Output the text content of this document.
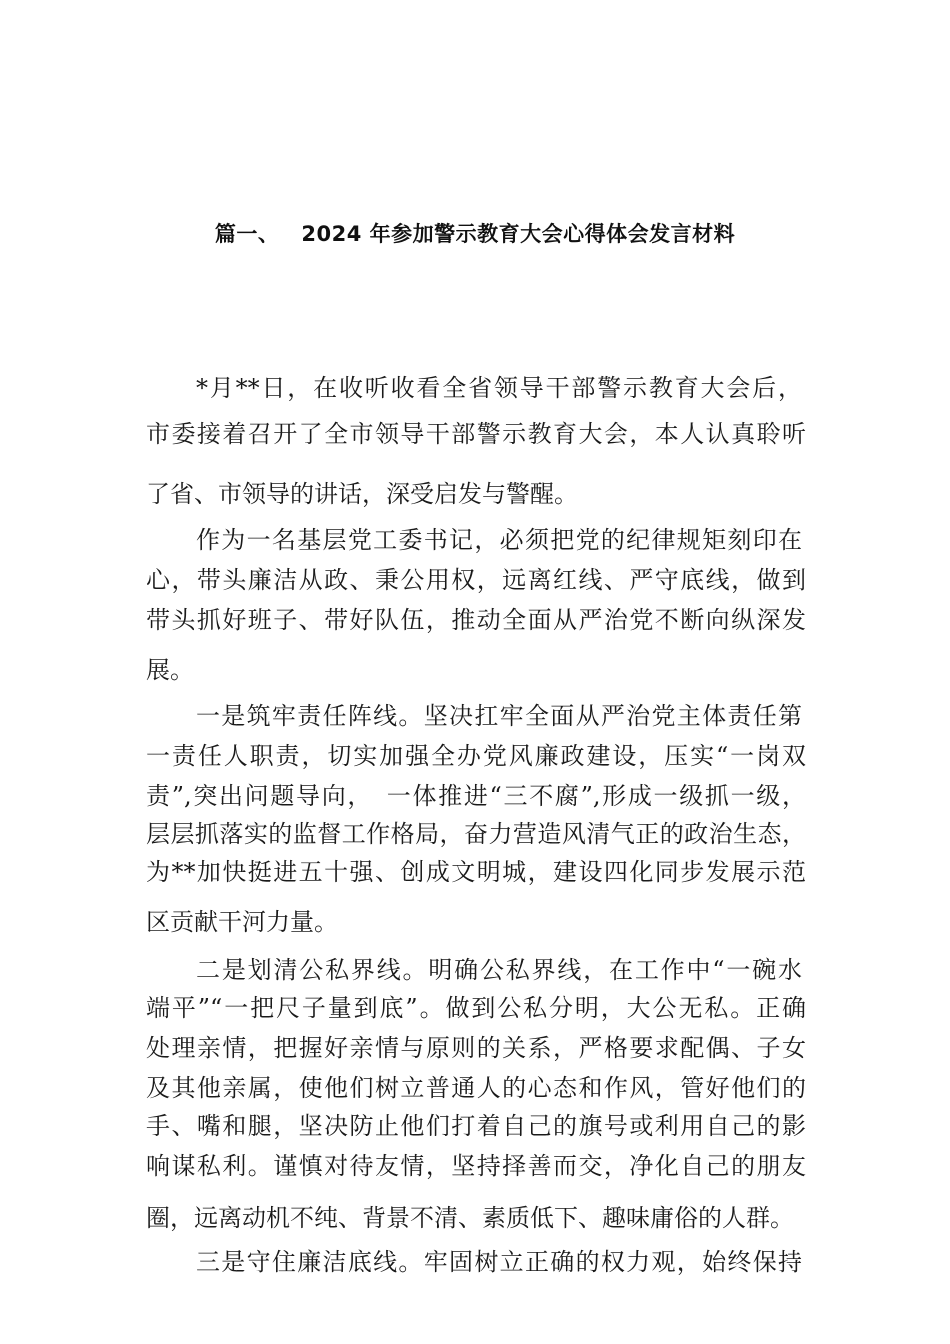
篇一、 2024 年参加警示教育大会心得体会发言材料
*月**日，在收听收看全省领导干部警示教育大会后，
市委接着召开了全市领导干部警示教育大会，本人认真聆听
了省、市领导的讲话，深受启发与警醒。
作为一名基层党工委书记，必须把党的纪律规矩刻印在
心，带头廉洁从政、秉公用权，远离红线、严守底线，做到
带头抓好班子、带好队伍，推动全面从严治党不断向纵深发
展。
一是筑牢责任阵线。坚决扛牢全面从严治党主体责任第
一责任人职责，切实加强全办党风廉政建设，压实“一岗双
责”,突出问题导向，　一体推进“三不腐”,形成一级抓一级，
层层抓落实的监督工作格局，奋力营造风清气正的政治生态，
为**加快挺进五十强、创成文明城，建设四化同步发展示范
区贡献干河力量。
二是划清公私界线。明确公私界线，在工作中“一碗水
端平”“一把尺子量到底”。做到公私分明，大公无私。正确
处理亲情，把握好亲情与原则的关系，严格要求配偶、子女
及其他亲属，使他们树立普通人的心态和作风，管好他们的
手、嘴和腿，坚决防止他们打着自己的旗号或利用自己的影
响谋私利。谨慎对待友情，坚持择善而交，净化自己的朋友
圈，远离动机不纯、背景不清、素质低下、趣味庸俗的人群。
三是守住廉洁底线。牢固树立正确的权力观，始终保持
